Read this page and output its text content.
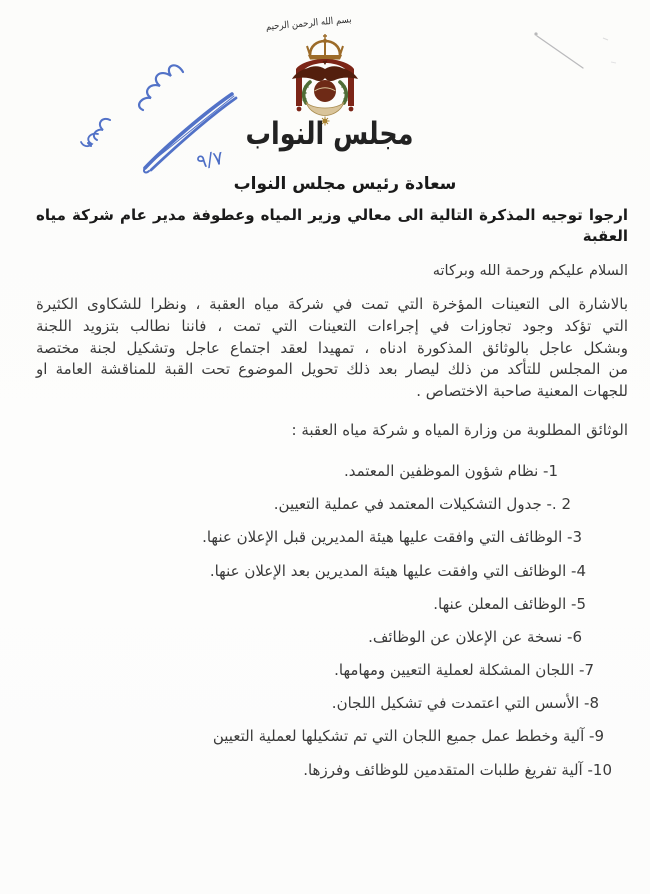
بسم الله الرحمن الرحيم
مجلس النواب
٩/٧
سعادة رئيس مجلس النواب
ارجوا توجيه المذكرة التالية الى معالي وزير المياه وعطوفة مدير عام شركة مياه العقبة
السلام عليكم ورحمة الله وبركاته
بالاشارة الى التعينات المؤخرة التي تمت في شركة مياه العقبة ، ونظرا للشكاوى الكثيرة
التي تؤكد وجود تجاوزات في إجراءات التعينات التي تمت ، فاننا نطالب بتزويد اللجنة
وبشكل عاجل بالوثائق المذكورة ادناه ، تمهيدا لعقد اجتماع عاجل وتشكيل لجنة مختصة
من المجلس للتأكد من ذلك ليصار بعد ذلك تحويل الموضوع تحت القبة للمناقشة العامة او
للجهات المعنية صاحبة الاختصاص .
الوثائق المطلوبة من وزارة المياه و شركة مياه العقبة :
1- نظام شؤون الموظفين المعتمد.
2 .- جدول التشكيلات المعتمد في عملية التعيين.
3- الوظائف التي وافقت عليها هيئة المديرين قبل الإعلان عنها.
4- الوظائف التي وافقت عليها هيئة المديرين بعد الإعلان عنها.
5- الوظائف المعلن عنها.
6- نسخة عن الإعلان عن الوظائف.
7- اللجان المشكلة لعملية التعيين ومهامها.
8- الأسس التي اعتمدت في تشكيل اللجان.
9- آلية وخطط عمل جميع اللجان التي تم تشكيلها لعملية التعيين
10- آلية تفريغ طلبات المتقدمين للوظائف وفرزها.
